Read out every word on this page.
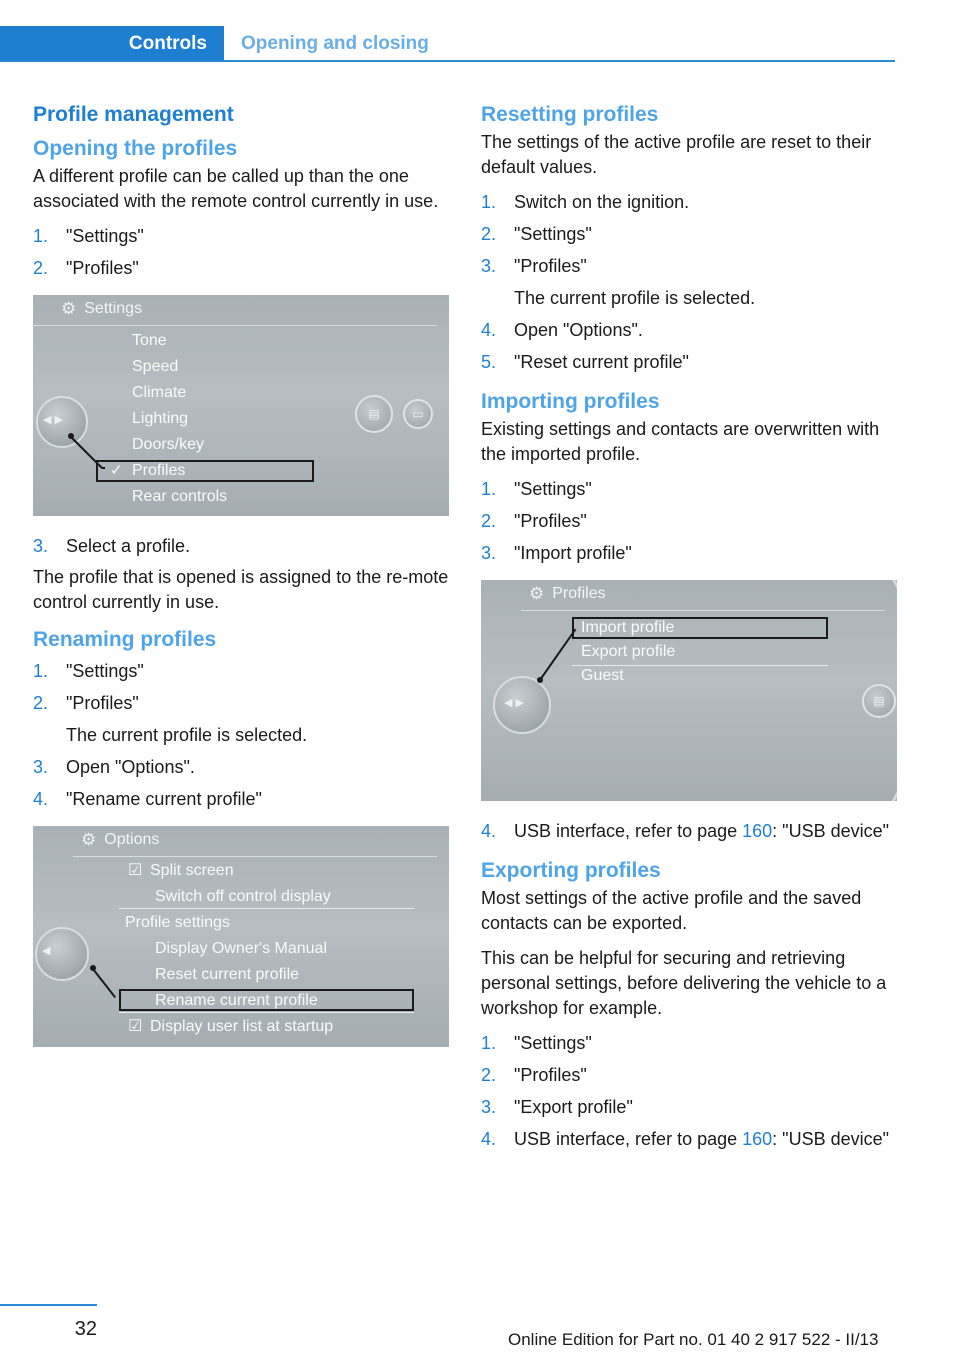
Controls	Opening and closing
Profile management
Opening the profiles

A different profile can be called up than the one associated with the remote control currently in use.

1. "Settings"
2. "Profiles"
⚙ Settings
Tone
Speed
Climate
Lighting
Doors/key
Profiles
Rear controls
✓
◀ ▶	▤	▭
3. Select a profile.

The profile that is opened is assigned to the re‐mote control currently in use.

Renaming profiles
1. "Settings"
2. "Profiles"
The current profile is selected.
3. Open "Options".
4. "Rename current profile"
⚙ Options
☑ Split screen
Switch off control display
Profile settings
Display Owner's Manual
Reset current profile
Rename current profile
☑ Display user list at startup
◀
Resetting profiles

The settings of the active profile are reset to their default values.

1. Switch on the ignition.
2. "Settings"
3. "Profiles"
The current profile is selected.
4. Open "Options".
5. "Reset current profile"
Importing profiles

Existing settings and contacts are overwritten with the imported profile.

1. "Settings"
2. "Profiles"
3. "Import profile"
⚙ Profiles
Import profile
Export profile
Guest
◀ ▶	▤
4. USB interface, refer to page 160: "USB device"
Exporting profiles

Most settings of the active profile and the saved contacts can be exported.

This can be helpful for securing and retrieving personal settings, before delivering the vehicle to a workshop for example.

1. "Settings"
2. "Profiles"
3. "Export profile"
4. USB interface, refer to page 160: "USB device"
32	Online Edition for Part no. 01 40 2 917 522 - II/13
